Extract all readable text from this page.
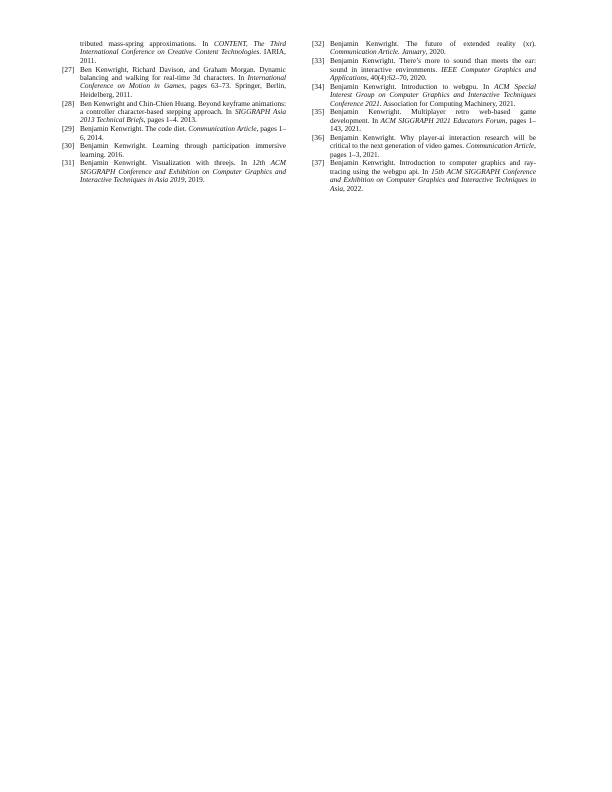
tributed mass-spring approximations. In CONTENT, The Third International Conference on Creative Content Technologies. IARIA, 2011.
[27] Ben Kenwright, Richard Davison, and Graham Morgan. Dynamic balancing and walking for real-time 3d characters. In International Conference on Motion in Games, pages 63–73. Springer, Berlin, Heidelberg, 2011.
[28] Ben Kenwright and Chin-Chien Huang. Beyond keyframe animations: a controller character-based stepping approach. In SIGGRAPH Asia 2013 Technical Briefs, pages 1–4. 2013.
[29] Benjamin Kenwright. The code diet. Communication Article, pages 1–6, 2014.
[30] Benjamin Kenwright. Learning through participation immersive learning. 2016.
[31] Benjamin Kenwright. Visualization with threejs. In 12th ACM SIGGRAPH Conference and Exhibition on Computer Graphics and Interactive Techniques in Asia 2019, 2019.
[32] Benjamin Kenwright. The future of extended reality (xr). Communication Article. January, 2020.
[33] Benjamin Kenwright. There’s more to sound than meets the ear: sound in interactive environments. IEEE Computer Graphics and Applications, 40(4):62–70, 2020.
[34] Benjamin Kenwright. Introduction to webgpu. In ACM Special Interest Group on Computer Graphics and Interactive Techniques Conference 2021. Association for Computing Machinery, 2021.
[35] Benjamin Kenwright. Multiplayer retro web-based game development. In ACM SIGGRAPH 2021 Educators Forum, pages 1–143, 2021.
[36] Benjamin Kenwright. Why player-ai interaction research will be critical to the next generation of video games. Communication Article, pages 1–3, 2021.
[37] Benjamin Kenwright. Introduction to computer graphics and ray-tracing using the webgpu api. In 15th ACM SIGGRAPH Conference and Exhibition on Computer Graphics and Interactive Techniques in Asia, 2022.
